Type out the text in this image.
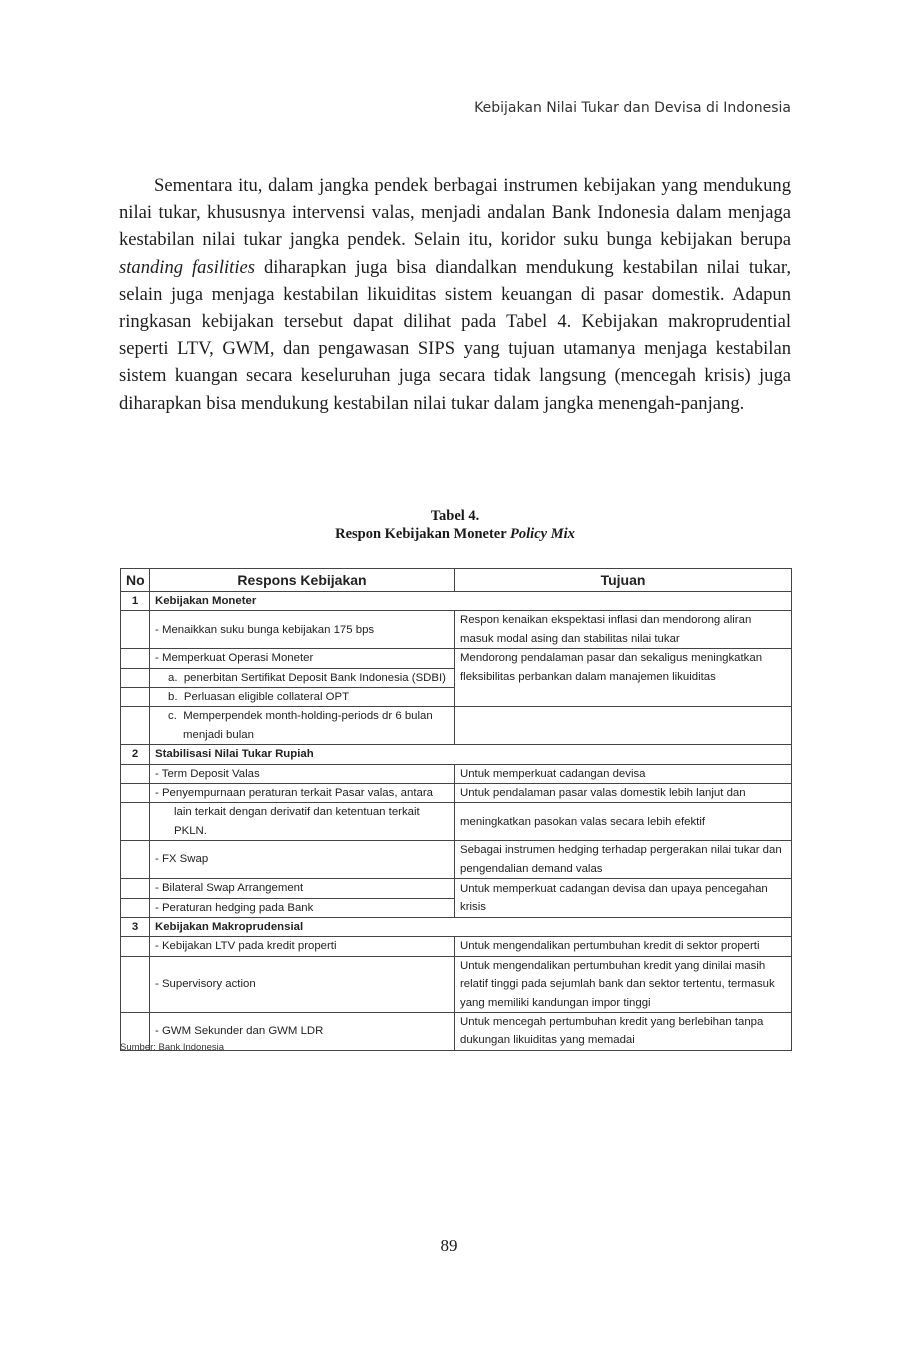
Kebijakan Nilai Tukar dan Devisa di Indonesia

Sementara itu, dalam jangka pendek berbagai instrumen kebijakan yang mendukung nilai tukar, khususnya intervensi valas, menjadi andalan Bank Indonesia dalam menjaga kestabilan nilai tukar jangka pendek. Selain itu, koridor suku bunga kebijakan berupa standing fasilities diharapkan juga bisa diandalkan mendukung kestabilan nilai tukar, selain juga menjaga kestabilan likuiditas sistem keuangan di pasar domestik. Adapun ringkasan kebijakan tersebut dapat dilihat pada Tabel 4. Kebijakan makroprudential seperti LTV, GWM, dan pengawasan SIPS yang tujuan utamanya menjaga kestabilan sistem kuangan secara keseluruhan juga secara tidak langsung (mencegah krisis) juga diharapkan bisa mendukung kestabilan nilai tukar dalam jangka menengah-panjang.

Tabel 4.
Respon Kebijakan Moneter Policy Mix
No	Respons Kebijakan	Tujuan
1	Kebijakan Moneter	
	- Menaikkan suku bunga kebijakan 175 bps	Respon kenaikan ekspektasi inflasi dan mendorong aliran masuk modal asing dan stabilitas nilai tukar
	- Memperkuat Operasi Moneter	Mendorong pendalaman pasar dan sekaligus meningkatkan fleksibilitas perbankan dalam manajemen likuiditas
	a. penerbitan Sertifikat Deposit Bank Indonesia (SDBI)	
	b. Perluasan eligible collateral OPT	
	c. Memperpendek month-holding-periods dr 6 bulan
menjadi bulan	

2	Stabilisasi Nilai Tukar Rupiah	
	- Term Deposit Valas	Untuk memperkuat cadangan devisa
	- Penyempurnaan peraturan terkait Pasar valas, antara	Untuk pendalaman pasar valas domestik lebih lanjut dan
	lain terkait dengan derivatif dan ketentuan terkait PKLN.	meningkatkan pasokan valas secara lebih efektif
	- FX Swap	Sebagai instrumen hedging terhadap pergerakan nilai tukar dan pengendalian demand valas
	- Bilateral Swap Arrangement	Untuk memperkuat cadangan devisa dan upaya pencegahan krisis
	- Peraturan hedging pada Bank	
3	Kebijakan Makroprudensial	
	- Kebijakan LTV pada kredit properti	Untuk mengendalikan pertumbuhan kredit di sektor properti
	- Supervisory action	Untuk mengendalikan pertumbuhan kredit yang dinilai masih relatif tinggi pada sejumlah bank dan sektor tertentu, termasuk yang memiliki kandungan impor tinggi
	- GWM Sekunder dan GWM LDR	Untuk mencegah pertumbuhan kredit yang berlebihan tanpa dukungan likuiditas yang memadai
Sumber: Bank Indonesia
89
